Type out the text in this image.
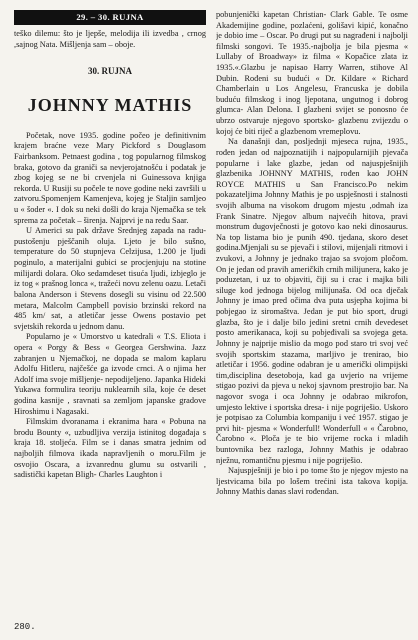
29. – 30. RUJNA

teško dilemu: što je ljepše, melodija ili izvedba , crnog ,sajnog Nata. Mišljenja sam – oboje.

30. RUJNA
JOHNNY MATHIS

Početak, nove 1935. godine počeo je definitivnim krajem braćne veze Mary Pickford s Douglasom Fairbanksom. Petnaest godina , tog popularnog filmskog braka, gotovo da graniči sa nevjerojatnošću i podatak je zbog kojeg se ne bi crvenjela ni Guinessova knjiga rekorda. U Rusiji su počele te nove godine neki završili u zatvoru.Spomenjem Kamenjeva, kojeg je Staljin samljeo u « šoder «. I dok su neki došli do kraja Njemačka se tek sprema za početak – širenja. Najprvi je na redu Saar.

U Americi su pak države Srednjeg zapada na radu- pustošenju pješčanih oluja. Ljeto je bilo sušno, temperature do 50 stupnjeva Celzijusa, 1.200 je ljudi poginulo, a materijalni gubici se procjenjuju na stotine milijardi dolara. Oko sedamdeset tisuća ljudi, izbjeglo je iz tog « prašnog lonca «, tražeći novu zelenu oazu. Letači balona Anderson i Stevens dosegli su visinu od 22.500 metara, Malcolm Campbell povisio brzinski rekord na 485 km/ sat, a atletičar jesse Owens postavio pet svjetskih rekorda u jednom danu.

Popularno je « Umorstvo u katedrali « T.S. Eliota i opera « Porgy & Bess « Georgea Gershwina. Jazz zabranjen u Njemačkoj, ne dopada se malom kaplaru Adolfu Hitleru, najčešće ga izvode crnci. A o njima her Adolf ima svoje mišljenje- nepodijeljeno. Japanka Hideki Yukawa formulira teoriju nuklearnih sila, koje će deset godina kasnije , sravnati sa zemljom japanske gradove Hiroshimu i Nagasaki.

Filmskim dvoranama i ekranima hara « Pobuna na brodu Bounty «, uzbudljiva verzija istinitog događaja s kraja 18. stoljeća. Film se i danas smatra jednim od najboljih filmova ikada napravljenih o moru.Film je osvojio Oscara, a izvanrednu glumu su ostvarili , sadistički kapetan Bligh- Charles Laughton i

pobunjenički kapetan Christian- Clark Gable. Te osme Akademijine godine, pozlaćeni, golišavi kipić, konačno je dobio ime – Oscar. Po drugi put su nagrađeni i najbolji filmski songovi. Te 1935.-najbolja je bila pjesma « Lullaby of Broadway» iz filma « Kopačice zlata iz 1935.«.Glazbu je napisao Harry Warren, stihove Al Dubin. Rođeni su budući « Dr. Kildare « Richard Chamberlain u Los Angelesu, Francuska je dobila buduću filmskog i inog ljepotana, ungutnog i dobrog glumca- Alan Delona. I glazbeni svijet se ponosno će ubrzo ostvaruje njegovo sportsko- glazbenu zvijezdu o kojoj će biti riječ a glazbenom vremeplovu.

Na današnji dan, posljednji mjeseca rujna, 1935., rođen jedan od najpoznatijih i najpopularnijih pjevača popularne i lake glazbe, jedan od najuspješnijih glazbenika JOHNNY MATHIS, rođen kao JOHN ROYCE MATHIS u San Francisco.Po nekim pokazateljima Johnny Mathis je po uspješnosti i stalnosti svojih albuma na visokom drugom mjestu ,odmah iza Frank Sinatre. Njegov album najvećih hitova, pravi monstrum dugovječnosti je gotovo kao neki dinosaurus. Na top listama bio je punih 490. tjedana, skoro deset godina.Mjenjali su se pjevači i stilovi, mijenjali ritmovi i zvukovi, a Johnny je jednako trajao sa svojom pločom. On je jedan od pravih američkih crnih milijunera, kako je poduzetan, i uz to objaviti, čiji su i crac i majka bili siluge kod jednoga bijelog milijunaša. Od oca dječak Johnny je imao pred očima dva puta usjepha kojima bi pobjegao iz siromaštva. Jedan je put bio sport, drugi glazba, što je i dalje bilo jedini sretni crnih devedeset posto amerikanaca, koji su pobjeđivali sa svojega geta. Johnny je najprije mislio da mogo pod staro tri svoj već svojih sportskim stazama, marljivo je trenirao, bio atletičar i 1956. godine odabran je u američki olimpijski tim,disciplina desetoboja, kad ga uvjerio na vrijeme stigao pozivi da pjeva u nekoj sjavnom prestrojio bar. Na nagovor svoga i oca Johnny je odabrao mikrofon, umjesto lektive i sportska dresa- i nije pogriješio. Uskoro je potpisao za Columbia kompaniju i već 1957. stigao je prvi hit- pjesma « Wonderfull! Wonderfull « « Čarobno, Čarobno «. Ploča je te bio vrijeme rocka i mladih buntovnika bez razloga, Johnny Mathis je odabrao nježnu, romantičnu pjesmu i nije pogriješio.

Najuspješniji je bio i po tome što je njegov mjesto na ljestvicama bila po lošem trećini ista takova kopija. Johnny Mathis danas slavi rođendan.

280.
